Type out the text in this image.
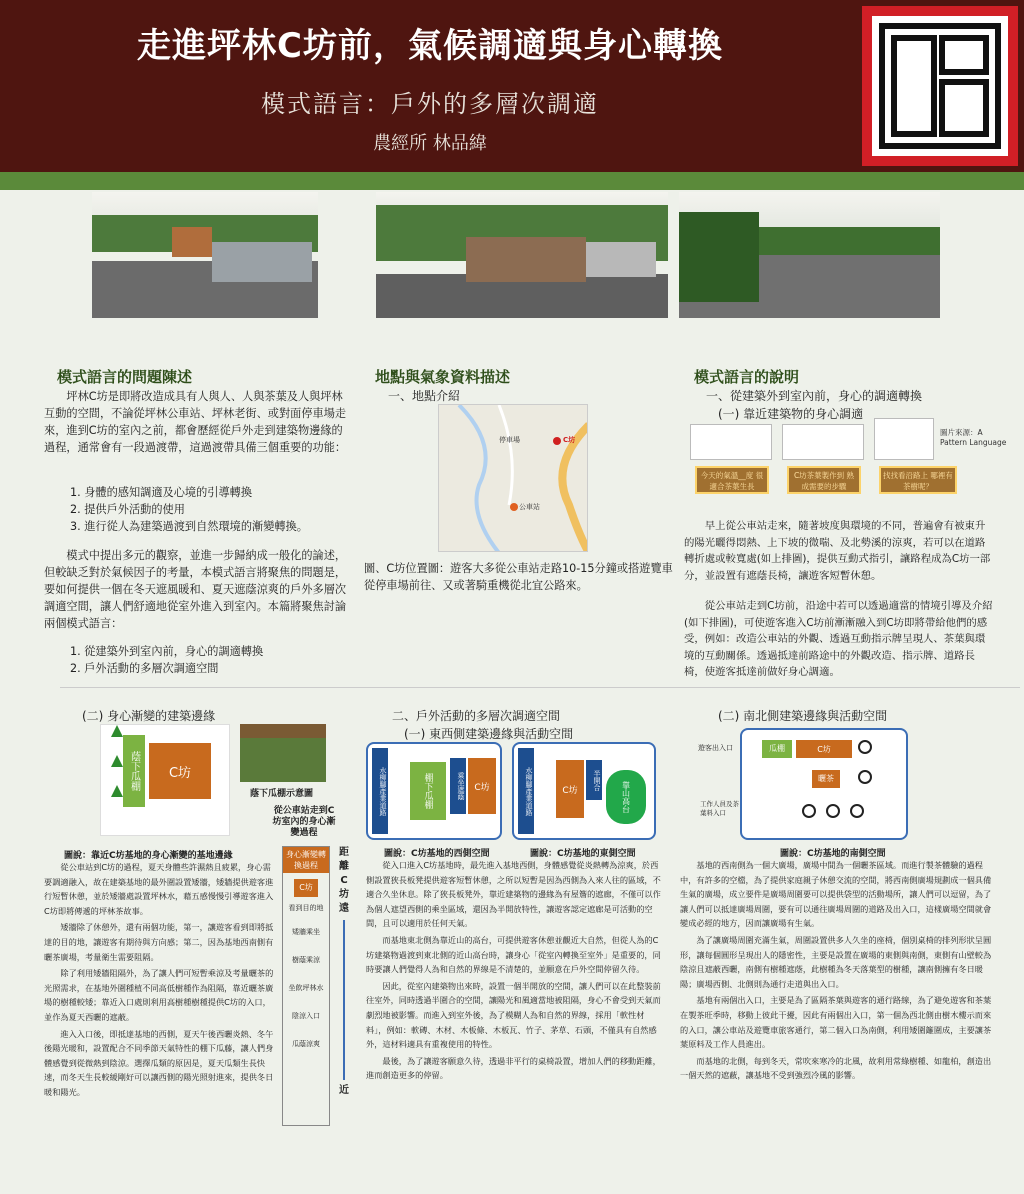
走進坪林C坊前，氣候調適與身心轉換
模式語言：戶外的多層次調適
農經所 林品緯
模式語言的問題陳述
坪林C坊是即將改造成具有人與人、人與茶葉及人與坪林互動的空間，不論從坪林公車站、坪林老街、或對面停車場走來，進到C坊的室內之前，都會歷經從戶外走到建築物邊緣的過程，通常會有一段過渡帶，這過渡帶具備三個重要的功能：
1. 身體的感知調適及心境的引導轉換
2. 提供戶外活動的使用
3. 進行從人為建築過渡到自然環境的漸變轉換。
模式中提出多元的觀察，並進一步歸納成一般化的論述，但較缺乏對於氣候因子的考量，本模式語言將聚焦的問題是，要如何提供一個在冬天遮風暖和、夏天遮蔭涼爽的戶外多層次調適空間，讓人們舒適地從室外進入到室內。本篇將聚焦討論兩個模式語言：
1. 從建築外到室內前，身心的調適轉換
2. 戶外活動的多層次調適空間
地點與氣象資料描述
一、地點介紹
停車場	C坊
公車站
圖、C坊位置圖：遊客大多從公車站走路10-15分鐘或搭遊覽車從停車場前往、又或著騎重機從北宜公路來。
模式語言的說明
一、從建築外到室內前，身心的調適轉換
(一) 靠近建築物的身心調適
圖片來源：A Pattern Language
今天的氣溫__度 很適合茶葉生長
C坊茶葉製作到 熟成需要的步驟
找找看沿路上 哪裡有茶樹呢？
早上從公車站走來，隨著坡度與環境的不同，普遍會有被東升的陽光曬得悶熱、上下坡的微喘、及北勢溪的涼爽，若可以在道路轉折處或較寬處(如上排圖)，提供互動式指引，讓路程成為C坊一部分，並設置有遮蔭長椅，讓遊客短暫休憩。
從公車站走到C坊前，沿途中若可以透過適當的情境引導及介紹(如下排圖)，可使遊客進入C坊前漸漸融入到C坊即將帶給他們的感受，例如：改造公車站的外觀、透過互動指示牌呈現人、茶葉與環境的互動關係。透過抵達前路途中的外觀改造、指示牌、道路長椅，使遊客抵達前做好身心調適。
(二) 身心漸變的建築邊緣
蔭下瓜棚	C坊
蔭下瓜棚示意圖
從公車站走到C坊室內的身心漸變過程
身心漸變轉換過程
C坊
看到目的地
矮牆乘坐
樹蔭乘涼
坐飲坪林水
陰涼入口
瓜蔭涼爽
距
離
C
坊
遠
近
圖說：靠近C坊基地的身心漸變的基地邊緣
從公車站到C坊的過程，夏天身體些許濕熱且疲累，身心需要調適融入，故在建築基地的最外圍設置矮牆，矮牆提供遊客進行短暫休憩，並於矮牆處設置坪林水，藉五感慢慢引導遊客進入C坊即將傳遞的坪林茶故事。
矮牆除了休憩外，還有兩個功能，第一，讓遊客看到即將抵達的目的地，讓遊客有期待與方向感；第二，因為基地西南側有曬茶廣場，考量衛生需要阻隔。
除了利用矮牆阻隔外，為了讓人們可短暫乘涼及考量曬茶的光照需求，在基地外圍種植不同高低樹種作為阻隔，靠近曬茶廣場的樹種較矮；靠近入口處則利用高樹種樹種提供C坊的入口，並作為夏天西曬的遮蔽。
進入入口後，即抵達基地的西側，夏天午後西曬炎熱、冬午後陽光暖和，設置配合不同季節天氣特性的棚下瓜藤，讓人們身體感覺到從微熱到陰涼。選擇瓜類的原因是，夏天瓜類生長快速，而冬天生長較緩剛好可以讓西側的陽光照射進來，提供冬日暖和陽光。
二、戶外活動的多層次調適空間
(一) 東西側建築邊緣與活動空間
水柳腳產業道路	棚下瓜棚	乘坐遮蔭	C坊	水柳腳產業道路	C坊	半開合
靠山高台
圖說：C坊基地的西側空間	圖說：C坊基地的東側空間
從入口進入C坊基地時，最先進入基地西側，身體感覺從炎熱轉為涼爽，於西側設置狹長板凳提供遊客短暫休憩，之所以短暫是因為西側為入來人往的區域，不適合久坐休息。除了狹長板凳外，靠近建築物的邊緣為有屋簷的遮廊，不僅可以作為個人遮望西側的乘坐區域，還因為半開放特性，讓遊客認定遮廊是可活動的空間，且可以適用於任何天氣。
而基地東北側為靠近山的高台，可提供遊客休憩並觀近大自然，但從人為的C坊建築物過渡到東北側的近山高台時，讓身心「從室內轉換至室外」是重要的，同時要讓人們覺得人為和自然的界線是不清楚的，並願意在戶外空間停留久待。
因此，從室內建築物出來時，設置一個半開放的空間，讓人們可以在此整裝前往室外，同時透過半圍合的空間，讓陽光和風適當地被阻隔，身心不會受到天氣而劇烈地被影響。而進入到室外後，為了模糊人為和自然的界線，採用「軟性材料」，例如：軟磚、木材、木板條、木板瓦、竹子、茅草、石頭，不僅具有自然感外，這材料適具有重複使用的特性。
最後，為了讓遊客願意久待，透過非平行的桌椅設置，增加人們的移動距離，進而創造更多的停留。
(二) 南北側建築邊緣與活動空間
遊客出入口	瓜棚	C坊
曬茶
工作人員及茶葉料入口
圖說：C坊基地的南側空間
基地的西南側為一個大廣場，廣場中間為一個曬茶區域。而進行製茶體驗的過程中，有許多的空檔，為了提供家庭親子休憩交流的空間，將西南側廣場規劃成一個具備生氣的廣場，成立要件是廣場周圍要可以提供袋型的活動場所，讓人們可以逗留，為了讓人們可以抵達廣場周圍，要有可以通往廣場周圍的道路及出入口，這樣廣場空間就會變成必經的地方，因而讓廣場有生氣。
為了讓廣場周圍充滿生氣，周圍設置供多人久坐的座椅，個別桌椅的排列形狀呈圓形，讓每個圓形呈現出人的隱密性，主要是設置在廣場的東側與南側，東側有山壁較為陰涼且遮蔽西曬，南側有樹種遮蔭，此樹種為冬天落葉型的樹種，讓南側擁有冬日暖陽；廣場西側、北側則為通行走道與出入口。
基地有兩個出入口，主要是為了區隔茶葉與遊客的通行路線，為了避免遊客和茶葉在製茶旺季時，移動上彼此干擾，因此有兩個出入口，第一個為西北側由樹木樓示而來的入口，讓公車站及遊覽車旅客通行，第二個入口為南側，利用矮圍籬圍成，主要讓茶葉原料及工作人員進出。
而基地的北側，每到冬天，常吹來寒冷的北風，故利用常綠樹種、如龍柏，創造出一個天然的遮蔽，讓基地不受到強烈冷風的影響。
